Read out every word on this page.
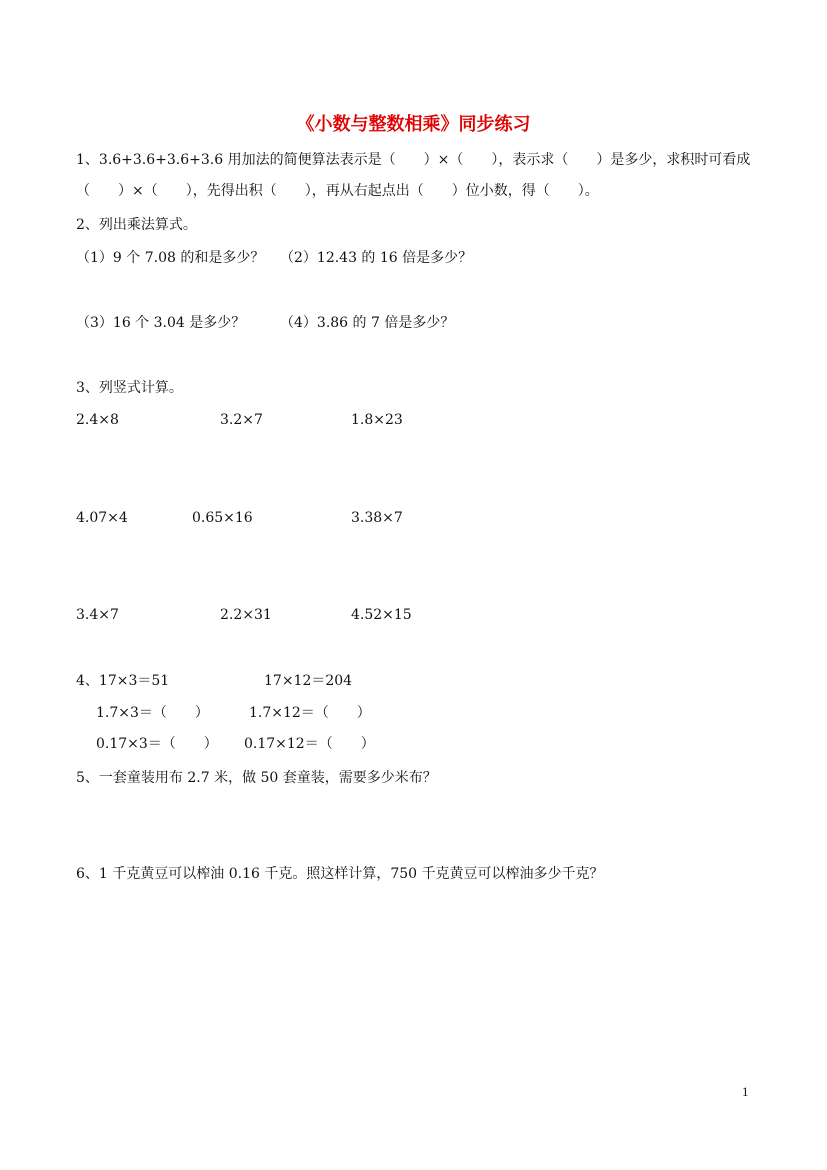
《小数与整数相乘》同步练习
1、3.6+3.6+3.6+3.6 用加法的简便算法表示是（　　）×（　　），表示求（　　）是多少，求积时可看成
（　　）×（　　），先得出积（　　），再从右起点出（　　）位小数，得（　　）。
2、列出乘法算式。
（1）9 个 7.08 的和是多少？ （2）12.43 的 16 倍是多少？
（3）16 个 3.04 是多少？ （4）3.86 的 7 倍是多少？
3、列竖式计算。
2.4×8	3.2×7	1.8×23
4.07×4	0.65×16	3.38×7
3.4×7	2.2×31	4.52×15
4、17×3＝51	17×12＝204
1.7×3＝（　　）	1.7×12＝（　　）
0.17×3＝（　　） 0.17×12＝（　　）
5、一套童装用布 2.7 米，做 50 套童装，需要多少米布？
6、1 千克黄豆可以榨油 0.16 千克。照这样计算，750 千克黄豆可以榨油多少千克？
1
